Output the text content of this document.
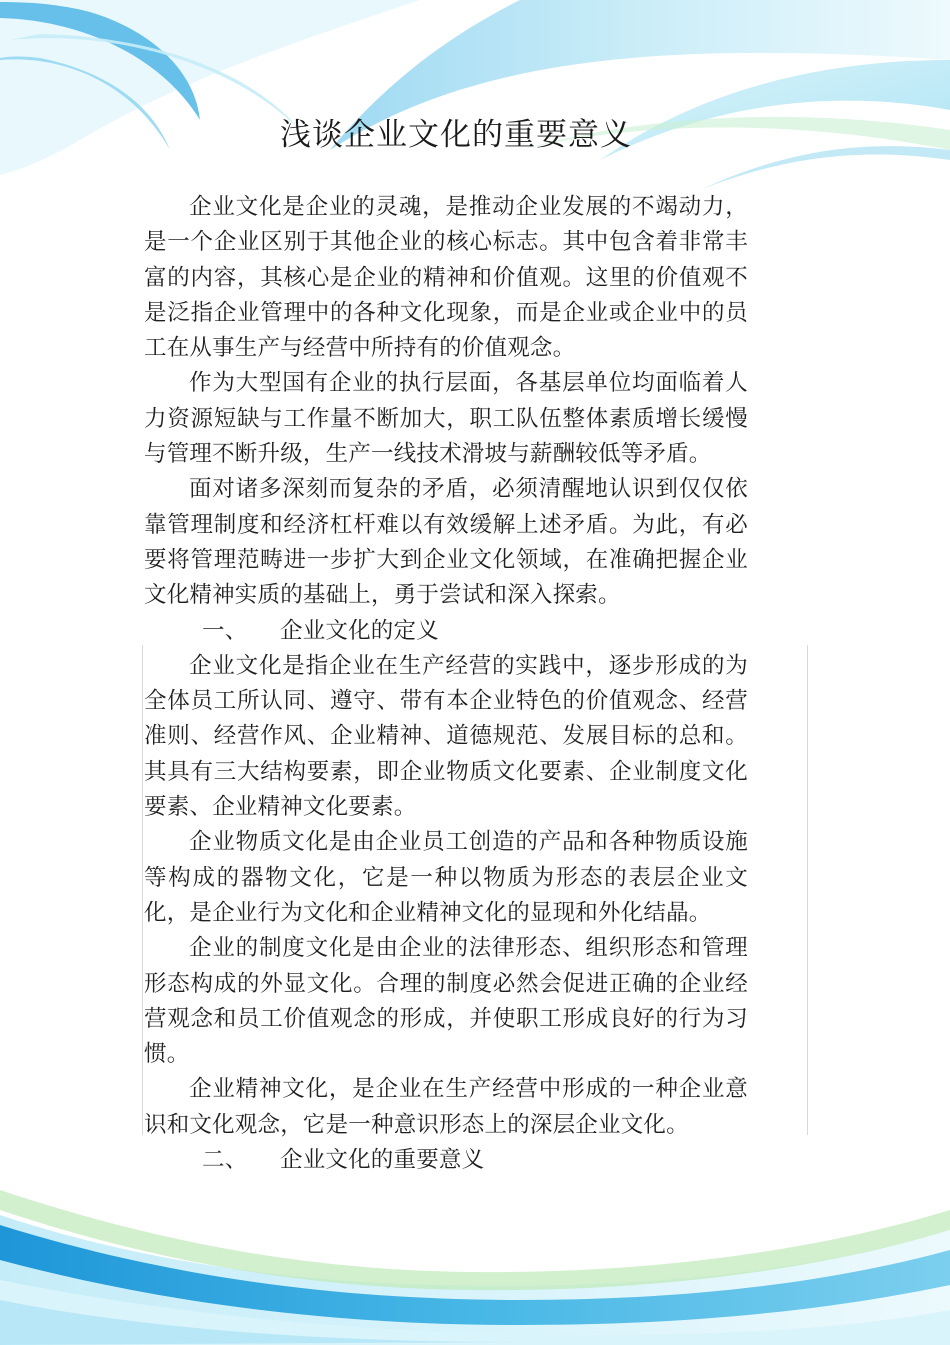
浅谈企业文化的重要意义

企业文化是企业的灵魂，是推动企业发展的不竭动力，是一个企业区别于其他企业的核心标志。其中包含着非常丰富的内容，其核心是企业的精神和价值观。这里的价值观不是泛指企业管理中的各种文化现象，而是企业或企业中的员工在从事生产与经营中所持有的价值观念。

作为大型国有企业的执行层面，各基层单位均面临着人力资源短缺与工作量不断加大，职工队伍整体素质增长缓慢与管理不断升级，生产一线技术滑坡与薪酬较低等矛盾。

面对诸多深刻而复杂的矛盾，必须清醒地认识到仅仅依靠管理制度和经济杠杆难以有效缓解上述矛盾。为此，有必要将管理范畴进一步扩大到企业文化领域，在准确把握企业文化精神实质的基础上，勇于尝试和深入探索。

一、 企业文化的定义

企业文化是指企业在生产经营的实践中，逐步形成的为全体员工所认同、遵守、带有本企业特色的价值观念、经营准则、经营作风、企业精神、道德规范、发展目标的总和。其具有三大结构要素，即企业物质文化要素、企业制度文化要素、企业精神文化要素。

企业物质文化是由企业员工创造的产品和各种物质设施等构成的器物文化，它是一种以物质为形态的表层企业文化，是企业行为文化和企业精神文化的显现和外化结晶。

企业的制度文化是由企业的法律形态、组织形态和管理形态构成的外显文化。合理的制度必然会促进正确的企业经营观念和员工价值观念的形成，并使职工形成良好的行为习惯。

企业精神文化，是企业在生产经营中形成的一种企业意识和文化观念，它是一种意识形态上的深层企业文化。

二、 企业文化的重要意义
